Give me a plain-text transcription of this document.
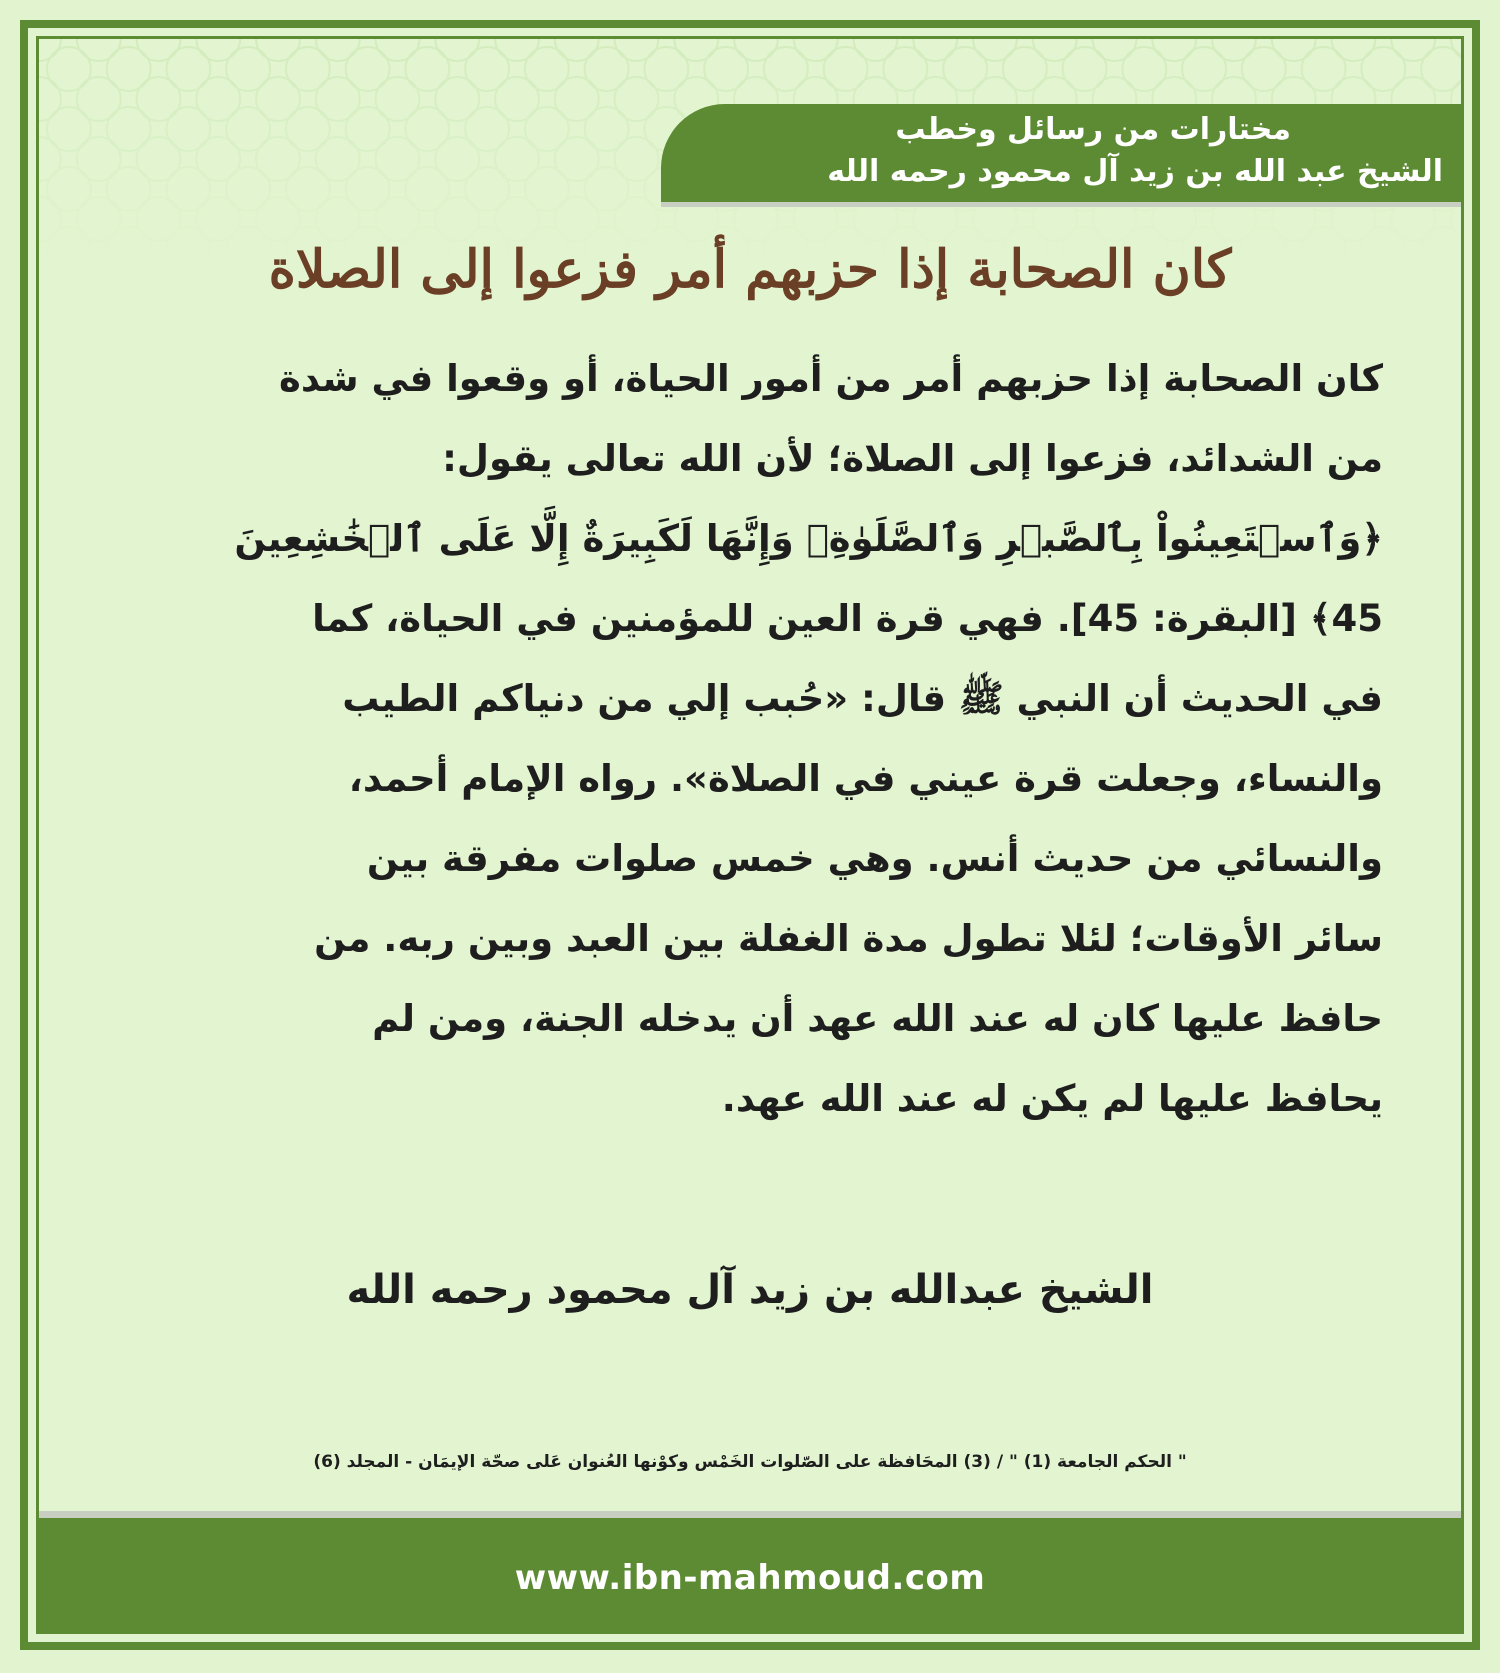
مختارات من رسائل وخطب
الشيخ عبد الله بن زيد آل محمود رحمه الله
كان الصحابة إذا حزبهم أمر فزعوا إلى الصلاة
كان الصحابة إذا حزبهم أمر من أمور الحياة، أو وقعوا في شدة
من الشدائد، فزعوا إلى الصلاة؛ لأن الله تعالى يقول:
﴿وَٱسۡتَعِينُواْ بِٱلصَّبۡرِ وَٱلصَّلَوٰةِۚ وَإِنَّهَا لَكَبِيرَةٌ إِلَّا عَلَى ٱلۡخَٰشِعِينَ
45﴾ [البقرة: 45]. فهي قرة العين للمؤمنين في الحياة، كما
في الحديث أن النبي ﷺ قال: «حُبب إلي من دنياكم الطيب
والنساء، وجعلت قرة عيني في الصلاة». رواه الإمام أحمد،
والنسائي من حديث أنس. وهي خمس صلوات مفرقة بين
سائر الأوقات؛ لئلا تطول مدة الغفلة بين العبد وبين ربه. من
حافظ عليها كان له عند الله عهد أن يدخله الجنة، ومن لم
يحافظ عليها لم يكن له عند الله عهد.
الشيخ عبدالله بن زيد آل محمود رحمه الله
" الحكم الجامعة (1) " / (3) المحَافظة على الصّلوات الخَمْس وكوْنها العُنوان عَلى صحّة الإيمَان - المجلد (6)
www.ibn-mahmoud.com
